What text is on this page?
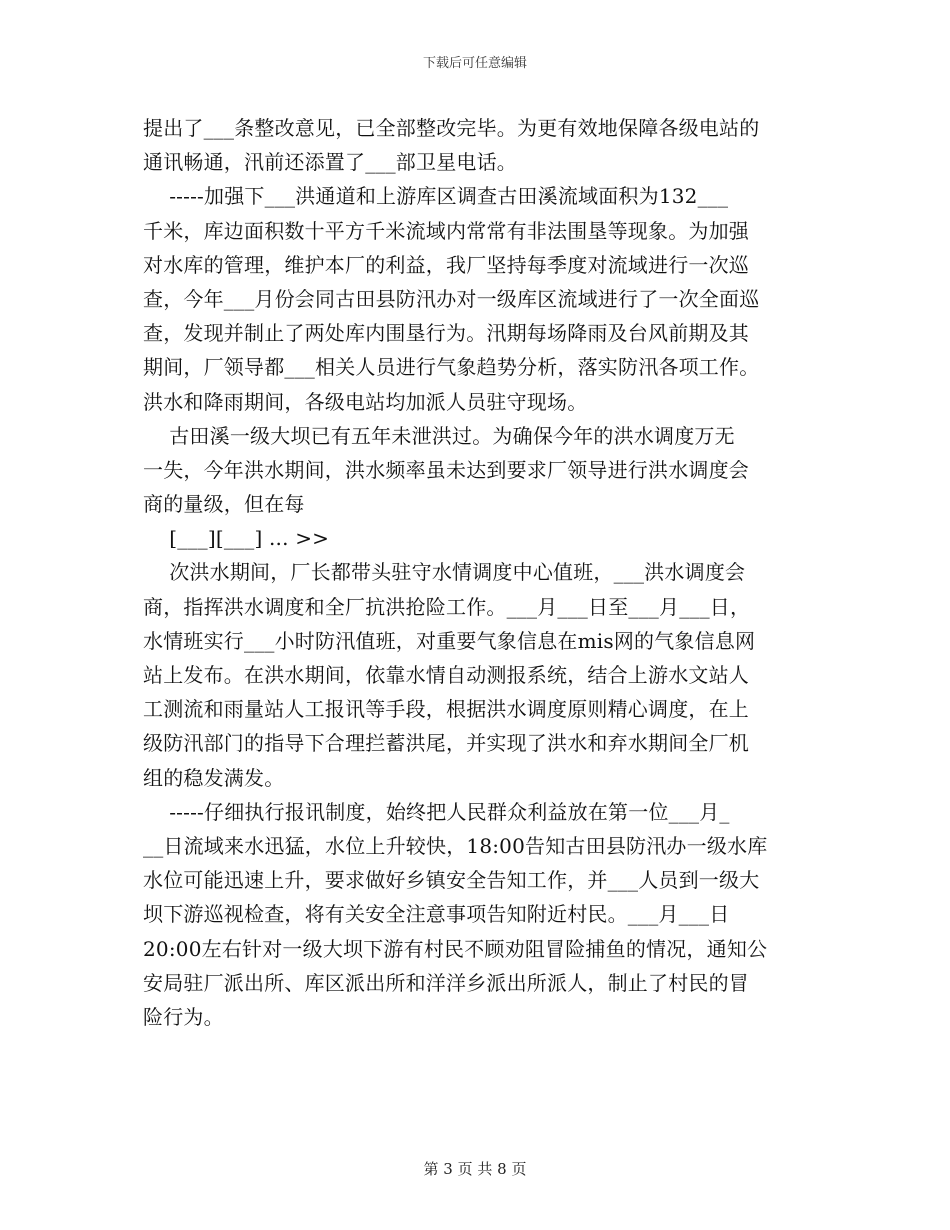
下载后可任意编辑
提出了___条整改意见，已全部整改完毕。为更有效地保障各级电站的
通讯畅通，汛前还添置了___部卫星电话。
-----加强下___洪通道和上游库区调查古田溪流域面积为132___
千米，库边面积数十平方千米流域内常常有非法围垦等现象。为加强
对水库的管理，维护本厂的利益，我厂坚持每季度对流域进行一次巡
查，今年___月份会同古田县防汛办对一级库区流域进行了一次全面巡
查，发现并制止了两处库内围垦行为。汛期每场降雨及台风前期及其
期间，厂领导都___相关人员进行气象趋势分析，落实防汛各项工作。
洪水和降雨期间，各级电站均加派人员驻守现场。
古田溪一级大坝已有五年未泄洪过。为确保今年的洪水调度万无
一失，今年洪水期间，洪水频率虽未达到要求厂领导进行洪水调度会
商的量级，但在每
[___][___] ... >>
次洪水期间，厂长都带头驻守水情调度中心值班，___洪水调度会
商，指挥洪水调度和全厂抗洪抢险工作。___月___日至___月___日，
水情班实行___小时防汛值班，对重要气象信息在mis网的气象信息网
站上发布。在洪水期间，依靠水情自动测报系统，结合上游水文站人
工测流和雨量站人工报讯等手段，根据洪水调度原则精心调度，在上
级防汛部门的指导下合理拦蓄洪尾，并实现了洪水和弃水期间全厂机
组的稳发满发。
-----仔细执行报讯制度，始终把人民群众利益放在第一位___月_
__日流域来水迅猛，水位上升较快，18:00告知古田县防汛办一级水库
水位可能迅速上升，要求做好乡镇安全告知工作，并___人员到一级大
坝下游巡视检查，将有关安全注意事项告知附近村民。___月___日
20:00左右针对一级大坝下游有村民不顾劝阻冒险捕鱼的情况，通知公
安局驻厂派出所、库区派出所和洋洋乡派出所派人，制止了村民的冒
险行为。
第 3 页 共 8 页
